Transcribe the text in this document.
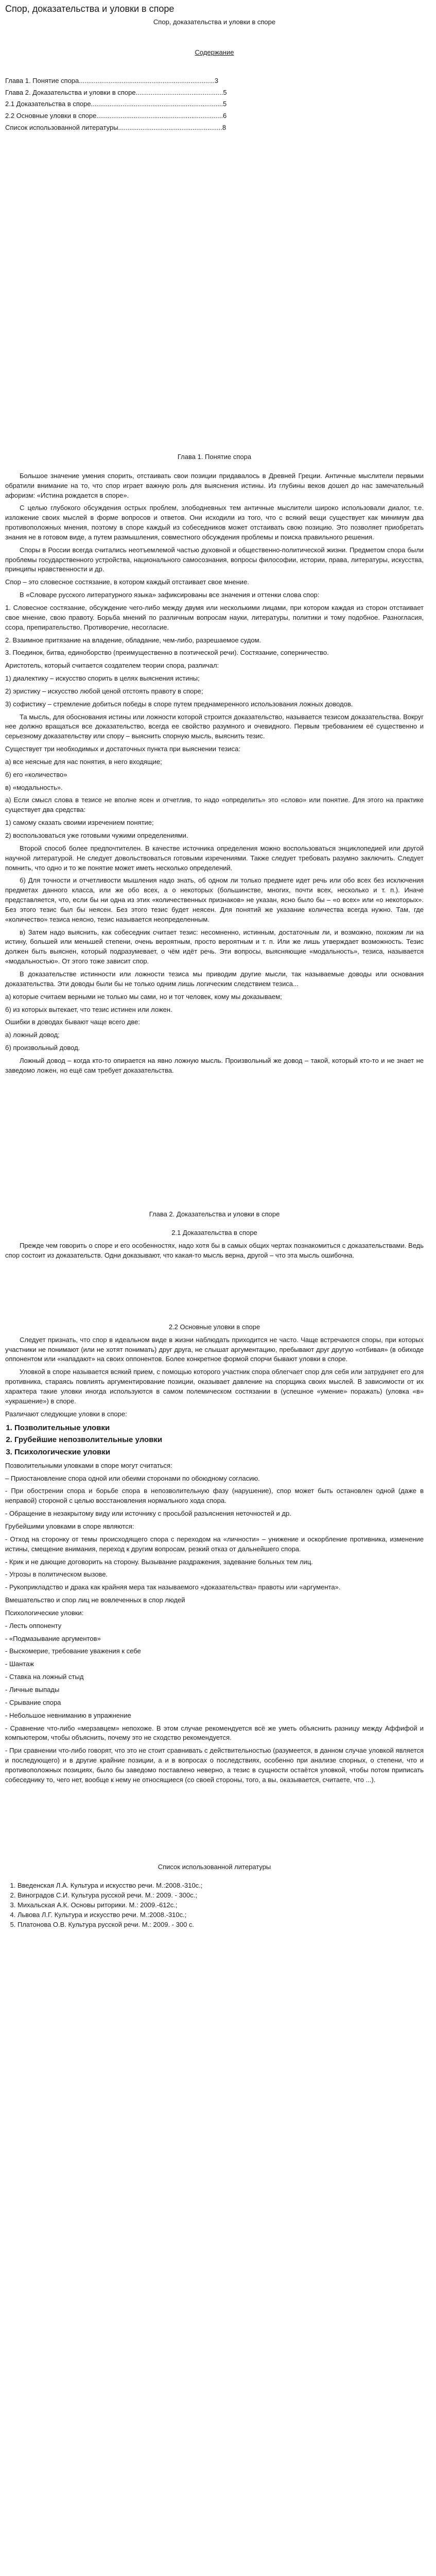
Спор, доказательства и уловки в споре
Спор, доказательства и уловки в споре
Содержание
Глава 1. Понятие спора.........................................................................3
Глава 2. Доказательства и уловки в споре...............................................5
2.1 Доказательства в споре.......................................................................5
2.2 Основные уловки в споре....................................................................6
Список использованной литературы........................................................8
Глава 1. Понятие спора

Большое значение умения спорить, отстаивать свои позиции придавалось в Древней Греции. Античные мыслители первыми обратили внимание на то, что спор играет важную роль для выяснения истины. Из глубины веков дошел до нас замечательный афоризм: «Истина рождается в споре».

С целью глубокого обсуждения острых проблем, злободневных тем античные мыслители широко использовали диалог, т.е. изложение своих мыслей в форме вопросов и ответов. Они исходили из того, что с всякий вещи существует как минимум два противоположных мнения, поэтому в споре каждый из собеседников может отстаивать свою позицию. Это позволяет приобретать знания не в готовом виде, а путем размышления, совместного обсуждения проблемы и поиска правильного решения.

Споры в России всегда считались неотъемлемой частью духовной и общественно-политической жизни. Предметом спора были проблемы государственного устройства, национального самосознания, вопросы философии, истории, права, литературы, искусства, принципы нравственности и др.

Спор – это словесное состязание, в котором каждый отстаивает свое мнение.

В «Словаре русского литературного языка» зафиксированы все значения и оттенки слова спор:

1. Словесное состязание, обсуждение чего-либо между двумя или несколькими лицами, при котором каждая из сторон отстаивает свое мнение, свою правоту. Борьба мнений по различным вопросам науки, литературы, политики и тому подобное. Разногласия, ссора, препирательство. Противоречие, несогласие.

2. Взаимное притязание на владение, обладание, чем-либо, разрешаемое судом.

3. Поединок, битва, единоборство (преимущественно в поэтической речи). Состязание, соперничество.

Аристотель, который считается создателем теории спора, различал:

1) диалектику – искусство спорить в целях выяснения истины;

2) эристику – искусство любой ценой отстоять правоту в споре;

3) софистику – стремление добиться победы в споре путем преднамеренного использования ложных доводов.

Та мысль, для обоснования истины или ложности которой строится доказательство, называется тезисом доказательства. Вокруг нее должно вращаться все доказательство, всегда ее свойство разумного и очевидного. Первым требованием её существенно и серьезному доказательству или спору – выяснить спорную мысль, выяснить тезис.

Существует три необходимых и достаточных пункта при выяснении тезиса:

а) все неясные для нас понятия, в него входящие;

б) его «количество»

в) «модальность».

а) Если смысл слова в тезисе не вполне ясен и отчетлив, то надо «определить» это «слово» или понятие. Для этого на практике существует два средства:

1) самому сказать своими изречением понятие;

2) воспользоваться уже готовыми чужими определениями.

Второй способ более предпочтителен. В качестве источника определения можно воспользоваться энциклопедией или другой научной литературой. Не следует довольствоваться готовыми изречениями. Также следует требовать разумно заключить. Следует помнить, что одно и то же понятие может иметь несколько определений.

б) Для точности и отчетливости мышления надо знать, об одном ли только предмете идет речь или обо всех без исключения предметах данного класса, или же обо всех, а о некоторых (большинстве, многих, почти всех, несколько и т. п.). Иначе представляется, что, если бы ни одна из этих «количественных признаков» не указан, ясно было бы – «о всех» или «о некоторых». Без этого тезис был бы неясен. Без этого тезис будет неясен. Для понятий же указание количества всегда нужно. Там, где «количество» тезиса неясно, тезис называется неопределенным.

в) Затем надо выяснить, как собеседник считает тезис: несомненно, истинным, достаточным ли, и возможно, похожим ли на истину, большей или меньшей степени, очень вероятным, просто вероятным и т. п. Или же лишь утверждает возможность. Тезис должен быть выяснен, который подразумевает, о чём идёт речь. Эти вопросы, выясняющие «модальность», тезиса, называется «модальностью». От этого тоже зависит спор.

В доказательстве истинности или ложности тезиса мы приводим другие мысли, так называемые доводы или основания доказательства. Эти доводы были бы не только одним лишь логическим следствием тезиса...

а) которые считаем верными не только мы сами, но и тот человек, кому мы доказываем;

б) из которых вытекает, что тезис истинен или ложен.

Ошибки в доводах бывают чаще всего две:

а) ложный довод;

б) произвольный довод.

Ложный довод – когда кто-то опирается на явно ложную мысль. Произвольный же довод – такой, который кто-то и не знает не заведомо ложен, но ещё сам требует доказательства.

Глава 2. Доказательства и уловки в споре
2.1 Доказательства в споре

Прежде чем говорить о споре и его особенностях, надо хотя бы в самых общих чертах познакомиться с доказательствами. Ведь спор состоит из доказательств. Одни доказывают, что какая-то мысль верна, другой – что эта мысль ошибочна.

2.2 Основные уловки в споре

Следует признать, что спор в идеальном виде в жизни наблюдать приходится не часто. Чаще встречаются споры, при которых участники не понимают (или не хотят понимать) друг друга, не слышат аргументацию, пребывают друг другую «отбивая» (в обиходе оппонентом или «нападают» на своих оппонентов. Более конкретное формой спорчи бывают уловки в споре.

Уловкой в споре называется всякий прием, с помощью которого участник спора облегчает спор для себя или затрудняет его для противника, стараясь повлиять аргументирование позиции, оказывает давление на спорщика своих мыслей. В зависимости от их характера такие уловки иногда используются в самом полемическом состязании в (успешное «умение» поражать) (уловка «в» «украшение») в споре.

Различают следующие уловки в споре:

1. Позволительные уловки
2. Грубейшие непозволительные уловки
3. Психологические уловки

Позволительными уловками в споре могут считаться:

– Приостановление спора одной или обеими сторонами по обоюдному согласию.

- При обострении спора и борьбе спора в непозволительную фазу (нарушение), спор может быть остановлен одной (даже в неправой) стороной с целью восстановления нормального хода спора.

- Обращение в незакрытому виду или источнику с просьбой разъяснения неточностей и др.

Грубейшими уловками в споре являются:

- Отход на сторонку от темы происходящего спора с переходом на «личности» – унижение и оскорбление противника, изменение истины, смещение внимания, переход к другим вопросам, резкий отказ от дальнейшего спора.

- Крик и не дающие договорить на сторону. Вызывание раздражения, задевание больных тем лиц.

- Угрозы в политическом вызове.

- Рукоприкладство и драка как крайняя мера так называемого «доказательства» правоты или «аргумента».

Вмешательство и спор лиц не вовлеченных в спор людей

Психологические уловки:

- Лесть оппоненту

- «Подмазывание аргументов»

- Выскомерие, требование уважения к себе

- Шантаж

- Ставка на ложный стыд

- Личные выпады

- Срывание спора

- Небольшое невниманию в упражнение

- Сравнение что-либо «мерзавцем» непохоже. В этом случае рекомендуется всё же уметь объяснить разницу между Аффифой и компьютером, чтобы объяснить, почему это не сходство рекомендуется.

- При сравнении что-либо говорят, что это не стоит сравнивать с действительностью (разумеется, в данном случае уловкой является и последующего) и в другие крайние позиции, а и в вопросах о последствиях, особенно при анализе спорных, о степени, что и противоположных позициях, было бы заведомо поставлено неверно, а тезис в сущности остаётся уловкой, чтобы потом приписать собеседнику то, чего нет, вообще к нему не относящиеся (со своей стороны, того, а вы, оказывается, считаете, что ...).

Список использованной литературы
1. Введенская Л.А. Культура и искусство речи. М.:2008.-310с.;
2. Виноградов С.И. Культура русской речи. М.: 2009. - 300с.;
3. Михальская А.К. Основы риторики. М.: 2009.-612с.;
4. Львова Л.Г. Культура и искусство речи. М.:2008.-310с.;
5. Платонова О.В. Культура русской речи. М.: 2009. - 300 с.
